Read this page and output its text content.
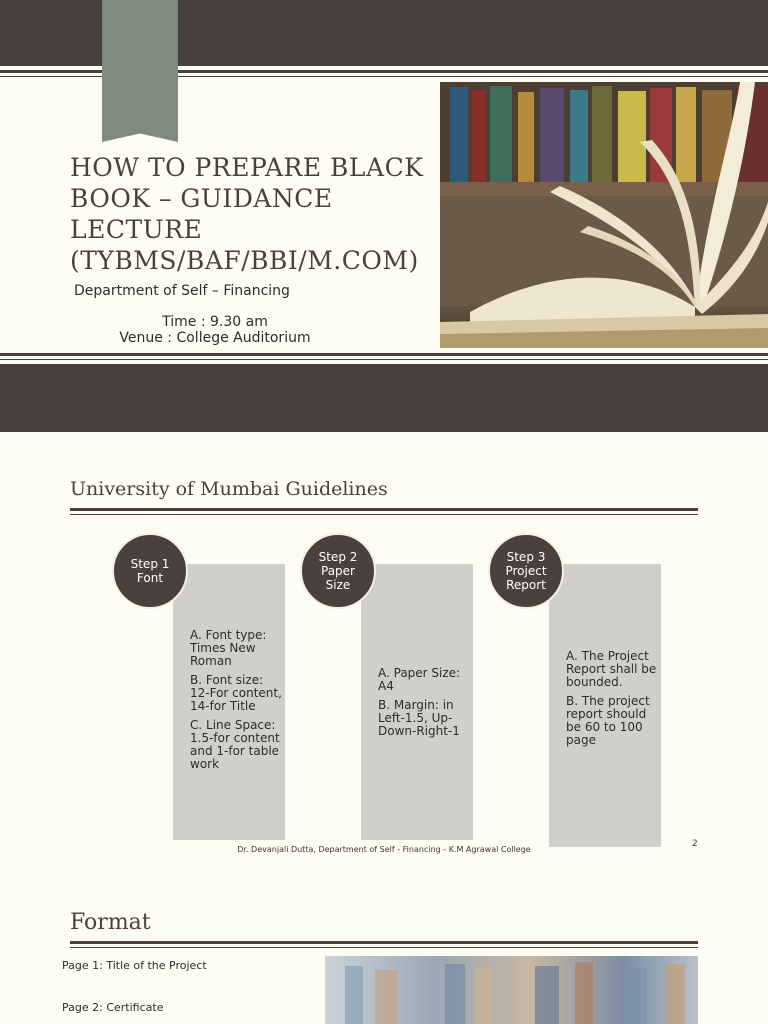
HOW TO PREPARE BLACK BOOK – GUIDANCE LECTURE (TYBMS/BAF/BBI/M.COM)
Department of Self – Financing
Time : 9.30 am
Venue : College Auditorium
University of Mumbai Guidelines
Step 1
Font

A. Font type: Times New Roman

B. Font size: 12-For content, 14-for Title

C. Line Space: 1.5-for content and 1-for table work

Step 2
Paper
Size

A. Paper Size: A4

B. Margin: in Left-1.5, Up-Down-Right-1

Step 3
Project
Report

A. The Project Report shall be bounded.

B. The project report should be 60 to 100 page

Dr. Devanjali Dutta, Department of Self - Financing - K.M Agrawal College
2
Format
Page 1: Title of the Project
Page 2: Certificate
